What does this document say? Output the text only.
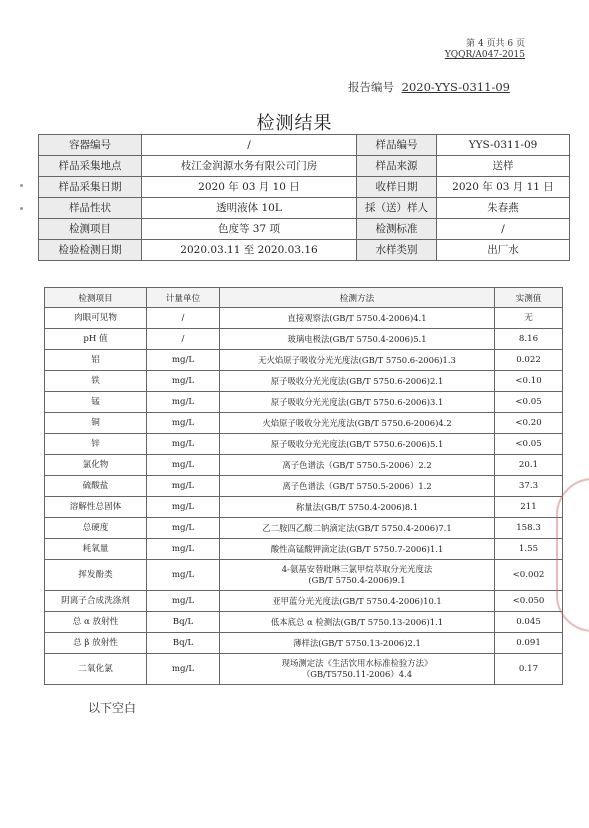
第 4 页共 6 页
YQQR/A047-2015
报告编号 2020-YYS-0311-09
检测结果
容器编号	/	样品编号	YYS-0311-09
样品采集地点	枝江金润源水务有限公司门房	样品来源	送样
样品采集日期	2020 年 03 月 10 日	收样日期	2020 年 03 月 11 日
样品性状	透明液体 10L	採（送）样人	朱春燕
检测项目	色度等 37 项	检测标准	/
检验检测日期	2020.03.11 至 2020.03.16	水样类别	出厂水
检测项目	计量单位	检测方法	实测值
肉眼可见物	/	直接观察法(GB/T 5750.4-2006)4.1	无
pH 值	/	玻璃电极法(GB/T 5750.4-2006)5.1	8.16
铝	mg/L	无火焰原子吸收分光光度法(GB/T 5750.6-2006)1.3	0.022
铁	mg/L	原子吸收分光光度法(GB/T 5750.6-2006)2.1	<0.10
锰	mg/L	原子吸收分光光度法(GB/T 5750.6-2006)3.1	<0.05
铜	mg/L	火焰原子吸收分光光度法(GB/T 5750.6-2006)4.2	<0.20
锌	mg/L	原子吸收分光光度法(GB/T 5750.6-2006)5.1	<0.05
氯化物	mg/L	离子色谱法（GB/T 5750.5-2006）2.2	20.1
硫酸盐	mg/L	离子色谱法（GB/T 5750.5-2006）1.2	37.3
溶解性总固体	mg/L	称量法(GB/T 5750.4-2006)8.1	211
总硬度	mg/L	乙二胺四乙酸二钠滴定法(GB/T 5750.4-2006)7.1	158.3
耗氧量	mg/L	酸性高锰酸钾滴定法(GB/T 5750.7-2006)1.1	1.55
挥发酚类	mg/L	4-氨基安替吡啉三氯甲烷萃取分光光度法
(GB/T 5750.4-2006)9.1	<0.002
阴离子合成洗涤剂	mg/L	亚甲蓝分光光度法(GB/T 5750.4-2006)10.1	<0.050
总 α 放射性	Bq/L	低本底总 α 检测法(GB/T 5750.13-2006)1.1	0.045
总 β 放射性	Bq/L	薄样法(GB/T 5750.13-2006)2.1	0.091
二氧化氯	mg/L	现场测定法《生活饮用水标准检验方法》
（GB/T5750.11-2006）4.4	0.17
以下空白
